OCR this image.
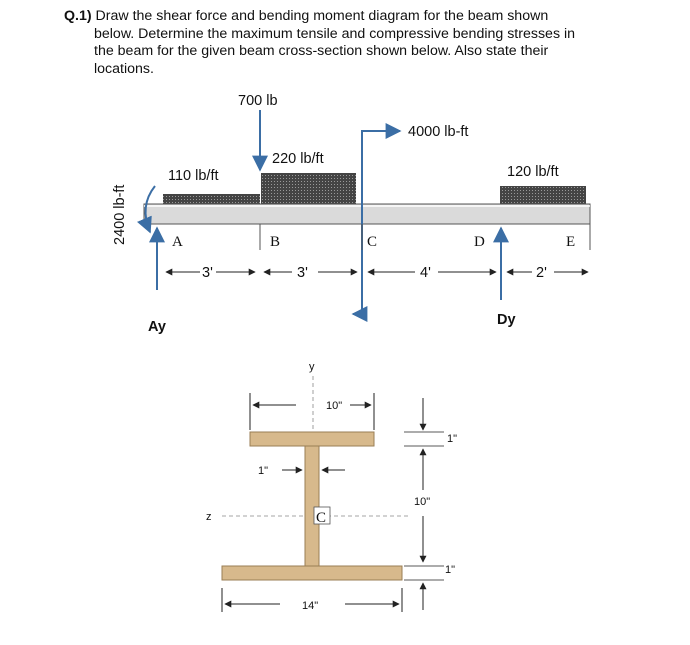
Q.1) Draw the shear force and bending moment diagram for the beam shown
below. Determine the maximum tensile and compressive bending stresses in
the beam for the given beam cross-section shown below. Also state their
locations.
700 lb
4000 lb-ft
110 lb/ft
220 lb/ft
120 lb/ft
2400 lb-ft
Ay	Dy
A	B	C	D	E
3'	3'	4'	2'
y
z
10"
1"
C
1"
10"
1"
14"
